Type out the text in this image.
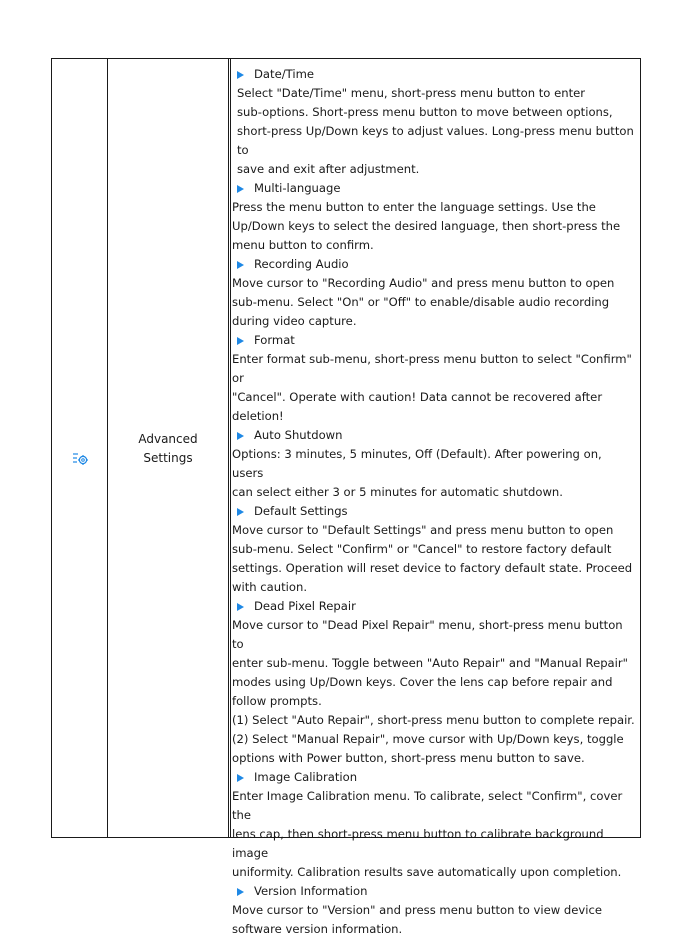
Advanced
Settings
Date/Time

Select "Date/Time" menu, short-press menu button to enter

sub-options. Short-press menu button to move between options,

short-press Up/Down keys to adjust values. Long-press menu button to

save and exit after adjustment.

Multi-language

Press the menu button to enter the language settings. Use the

Up/Down keys to select the desired language, then short-press the

menu button to confirm.

Recording Audio

Move cursor to "Recording Audio" and press menu button to open

sub-menu. Select "On" or "Off" to enable/disable audio recording

during video capture.

Format

Enter format sub-menu, short-press menu button to select "Confirm" or

"Cancel". Operate with caution! Data cannot be recovered after

deletion!

Auto Shutdown

Options: 3 minutes, 5 minutes, Off (Default). After powering on, users

can select either 3 or 5 minutes for automatic shutdown.

Default Settings

Move cursor to "Default Settings" and press menu button to open

sub-menu. Select "Confirm" or "Cancel" to restore factory default

settings. Operation will reset device to factory default state. Proceed

with caution.

Dead Pixel Repair

Move cursor to "Dead Pixel Repair" menu, short-press menu button to

enter sub-menu. Toggle between "Auto Repair" and "Manual Repair"

modes using Up/Down keys. Cover the lens cap before repair and

follow prompts.

(1) Select "Auto Repair", short-press menu button to complete repair.

(2) Select "Manual Repair", move cursor with Up/Down keys, toggle

options with Power button, short-press menu button to save.

Image Calibration

Enter Image Calibration menu. To calibrate, select "Confirm", cover the

lens cap, then short-press menu button to calibrate background image

uniformity. Calibration results save automatically upon completion.

Version Information

Move cursor to "Version" and press menu button to view device

software version information.
